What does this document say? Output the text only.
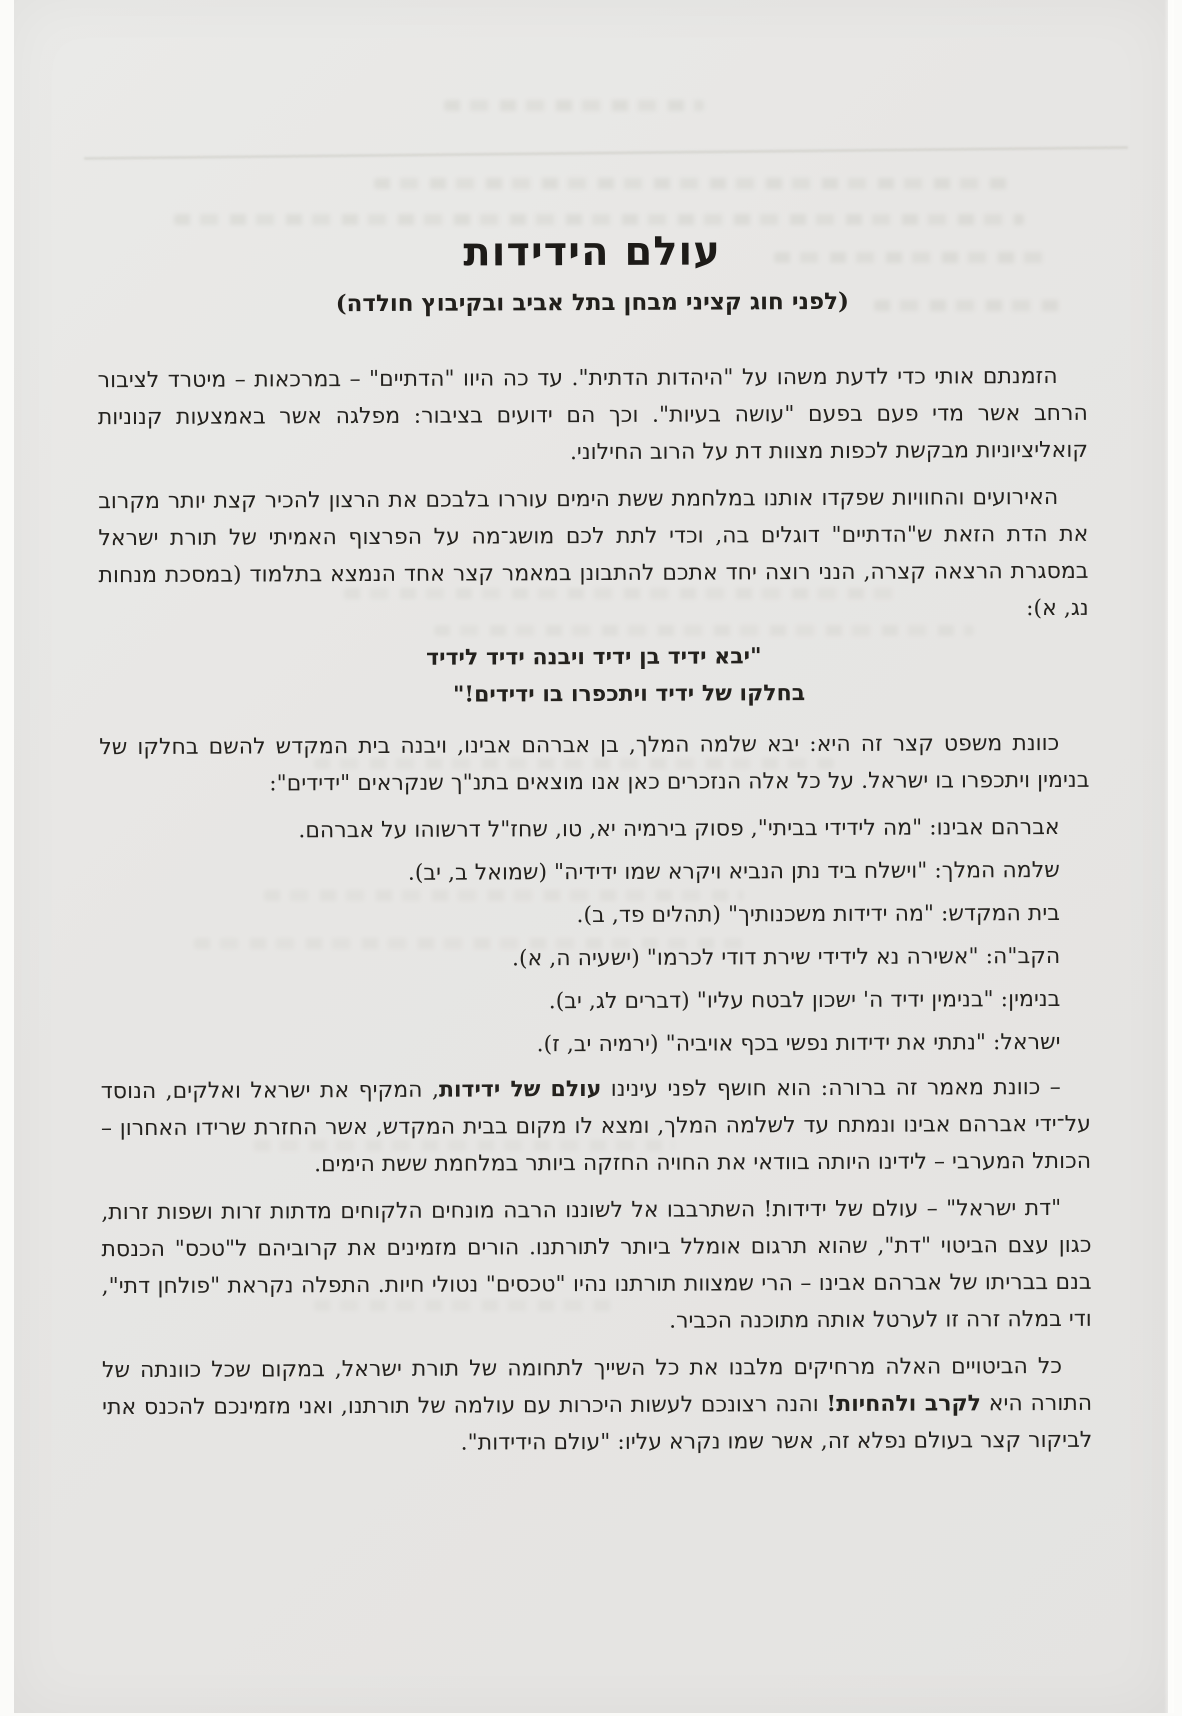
עולם הידידות
(לפני חוג קציני מבחן בתל אביב ובקיבוץ חולדה)

הזמנתם אותי כדי לדעת משהו על "היהדות הדתית". עד כה היוו "הדתיים" – במרכאות – מיטרד לציבור הרחב אשר מדי פעם בפעם "עושה בעיות". וכך הם ידועים בציבור: מפלגה אשר באמצעות קנוניות קואליציוניות מבקשת לכפות מצוות דת על הרוב החילוני.

האירועים והחוויות שפקדו אותנו במלחמת ששת הימים עוררו בלבכם את הרצון להכיר קצת יותר מקרוב את הדת הזאת ש"הדתיים" דוגלים בה, וכדי לתת לכם מושג־מה על הפרצוף האמיתי של תורת ישראל במסגרת הרצאה קצרה, הנני רוצה יחד אתכם להתבונן במאמר קצר אחד הנמצא בתלמוד (במסכת מנחות נג, א):

"יבא ידיד בן ידיד ויבנה ידיד לידיד
בחלקו של ידיד ויתכפרו בו ידידים!"

כוונת משפט קצר זה היא: יבא שלמה המלך, בן אברהם אבינו, ויבנה בית המקדש להשם בחלקו של בנימין ויתכפרו בו ישראל. על כל אלה הנזכרים כאן אנו מוצאים בתנ"ך שנקראים "ידידים":

אברהם אבינו: "מה לידידי בביתי", פסוק בירמיה יא, טו, שחז"ל דרשוהו על אברהם.
שלמה המלך: "וישלח ביד נתן הנביא ויקרא שמו ידידיה" (שמואל ב, יב).
בית המקדש: "מה ידידות משכנותיך" (תהלים פד, ב).
הקב"ה: "אשירה נא לידידי שירת דודי לכרמו" (ישעיה ה, א).
בנימין: "בנימין ידיד ה' ישכון לבטח עליו" (דברים לג, יב).
ישראל: "נתתי את ידידות נפשי בכף אויביה" (ירמיה יב, ז).

– כוונת מאמר זה ברורה: הוא חושף לפני עינינו עולם של ידידות, המקיף את ישראל ואלקים, הנוסד על־ידי אברהם אבינו ונמתח עד לשלמה המלך, ומצא לו מקום בבית המקדש, אשר החזרת שרידו האחרון – הכותל המערבי – לידינו היותה בוודאי את החויה החזקה ביותר במלחמת ששת הימים.

"דת ישראל" – עולם של ידידות! השתרבבו אל לשוננו הרבה מונחים הלקוחים מדתות זרות ושפות זרות, כגון עצם הביטוי "דת", שהוא תרגום אומלל ביותר לתורתנו. הורים מזמינים את קרוביהם ל"טכס" הכנסת בנם בבריתו של אברהם אבינו – הרי שמצוות תורתנו נהיו "טכסים" נטולי חיות. התפלה נקראת "פולחן דתי", ודי במלה זרה זו לערטל אותה מתוכנה הכביר.

כל הביטויים האלה מרחיקים מלבנו את כל השייך לתחומה של תורת ישראל, במקום שכל כוונתה של התורה היא לקרב ולהחיות! והנה רצונכם לעשות היכרות עם עולמה של תורתנו, ואני מזמינכם להכנס אתי לביקור קצר בעולם נפלא זה, אשר שמו נקרא עליו: "עולם הידידות".
